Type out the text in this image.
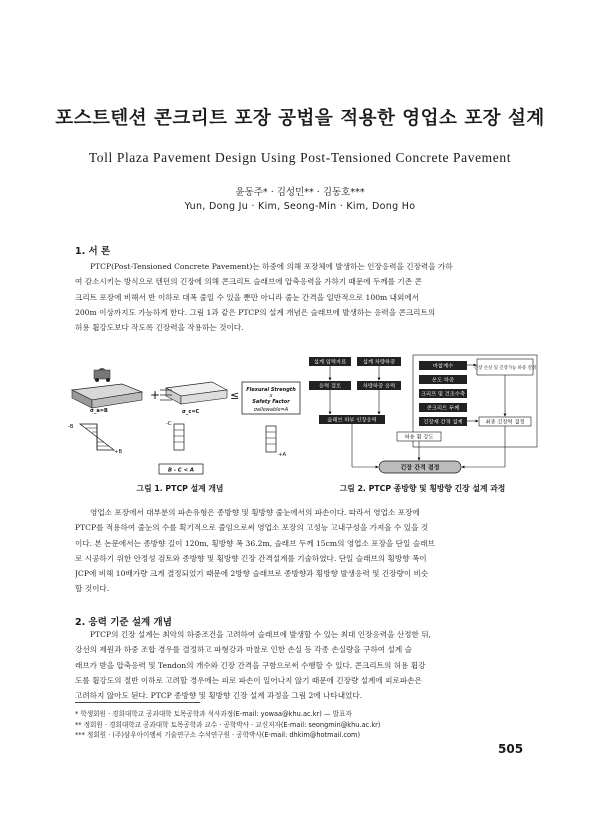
포스트텐션 콘크리트 포장 공법을 적용한 영업소 포장 설계
Toll Plaza Pavement Design Using Post-Tensioned Concrete Pavement
윤동주* · 김성민** · 김동호***
Yun, Dong Ju · Kim, Seong-Min · Kim, Dong Ho
1. 서 론
PTCP(Post-Tensioned Concrete Pavement)는 하중에 의해 포장체에 발생하는 인장응력을 긴장력을 가하
여 감소시키는 방식으로 텐던의 긴장에 의해 콘크리트 슬래브에 압축응력을 가하기 때문에 두께를 기존 콘
크리트 포장에 비해서 반 이하로 대폭 줄일 수 있을 뿐만 아니라 줄눈 간격을 일반적으로 100m 내외에서
200m 이상까지도 가능하게 한다. 그림 1과 같은 PTCP의 설계 개념은 슬래브에 발생하는 응력을 콘크리트의
허용 휨강도보다 작도록 긴장력을 작용하는 것이다.
σ_a=B
+
σ_c=C
≤ Flexural Strength
x
Safety Factor
σallowable=A
-B
+B
-C
+A
B - C < A
그림 1. PTCP 설계 개념
설계 입력자료	설계 차량하중
응력 검토	차량하중 응력
슬래브 하부 인장응력
마찰계수
온도 하중
크리프 및 건조수축
콘크리트 두께
긴장재 간격 설계
긴장 손실 및 긴장가능 하중 결정
최종 긴장력 결정
허용 휨 강도
긴장 간격 결정
그림 2. PTCP 종방향 및 횡방향 긴장 설계 과정
영업소 포장에서 대부분의 파손유형은 종방향 및 횡방향 줄눈에서의 파손이다. 따라서 영업소 포장에
PTCP를 적용하여 줄눈의 수를 획기적으로 줄임으로써 영업소 포장의 고성능 고내구성을 가져올 수 있을 것
이다. 본 논문에서는 종방향 길이 120m, 횡방향 폭 36.2m, 슬래브 두께 15cm의 영업소 포장을 단일 슬래브
로 시공하기 위한 안정성 검토와 종방향 및 횡방향 긴장 간격설계를 기술하였다. 단일 슬래브의 횡방향 폭이
JCP에 비해 10배가량 크게 결정되었기 때문에 2방향 슬래브로 종방향과 횡방향 발생응력 및 긴장량이 비슷
할 것이다.
2. 응력 기준 설계 개념
PTCP의 긴장 설계는 최악의 하중조건을 고려하여 슬래브에 발생할 수 있는 최대 인장응력을 산정한 뒤,
강선의 제원과 하중 조합 경우를 결정하고 파형강과 마찰로 인한 손실 등 각종 손실량을 구하여 설계 슬
래브가 받을 압축응력 및 Tendon의 개수와 긴장 간격을 구함으로써 수행할 수 있다. 콘크리트의 허용 휨강
도를 휨강도의 절반 이하로 고려할 경우에는 피로 파손이 일어나지 않기 때문에 긴장량 설계에 피로파손은
고려하지 않아도 된다. PTCP 종방향 및 횡방향 긴장 설계 과정을 그림 2에 나타내었다.
* 학생회원 · 경희대학교 공과대학 토목공학과 석사과정(E-mail: yowaa@khu.ac.kr) — 발표자
** 정회원 · 경희대학교 공과대학 토목공학과 교수 · 공학박사 · 교신저자(E-mail: seongmin@khu.ac.kr)
*** 정회원 · (주)삼우아이엠씨 기술연구소 수석연구원 · 공학박사(E-mail: dhkim@hotmail.com)
505
